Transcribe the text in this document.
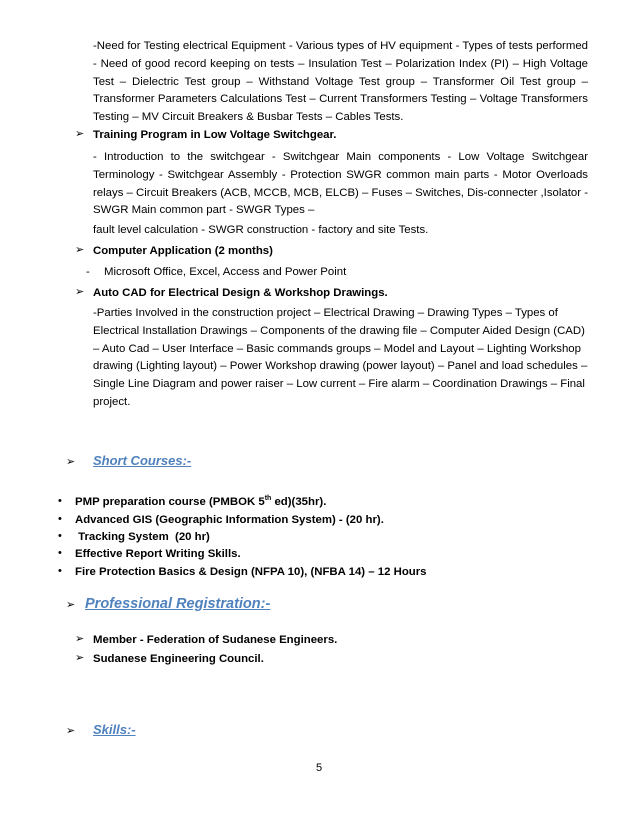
-Need for Testing electrical Equipment - Various types of HV equipment - Types of tests performed - Need of good record keeping on tests – Insulation Test – Polarization Index (PI) – High Voltage Test – Dielectric Test group – Withstand Voltage Test group – Transformer Oil Test group – Transformer Parameters Calculations Test – Current Transformers Testing – Voltage Transformers Testing – MV Circuit Breakers & Busbar Tests – Cables Tests.
➢ Training Program in Low Voltage Switchgear.
- Introduction to the switchgear - Switchgear Main components - Low Voltage Switchgear Terminology - Switchgear Assembly - Protection SWGR common main parts - Motor Overloads relays – Circuit Breakers (ACB, MCCB, MCB, ELCB) – Fuses – Switches, Dis-connecter ,Isolator - SWGR Main common part - SWGR Types –
fault level calculation - SWGR construction - factory and site Tests.
➢ Computer Application (2 months)
- Microsoft Office, Excel, Access and Power Point
➢ Auto CAD for Electrical Design & Workshop Drawings.
-Parties Involved in the construction project – Electrical Drawing – Drawing Types – Types of Electrical Installation Drawings – Components of the drawing file – Computer Aided Design (CAD) – Auto Cad – User Interface – Basic commands groups – Model and Layout – Lighting Workshop drawing (Lighting layout) – Power Workshop drawing (power layout) – Panel and load schedules – Single Line Diagram and power raiser – Low current – Fire alarm – Coordination Drawings – Final project.
➢ Short Courses:-
• PMP preparation course (PMBOK 5th ed)(35hr).
• Advanced GIS (Geographic Information System) - (20 hr).
• Tracking System  (20 hr)
• Effective Report Writing Skills.
• Fire Protection Basics & Design (NFPA 10), (NFBA 14) – 12 Hours
➢ Professional Registration:-
➢ Member - Federation of Sudanese Engineers.
➢ Sudanese Engineering Council.
➢ Skills:-
5
